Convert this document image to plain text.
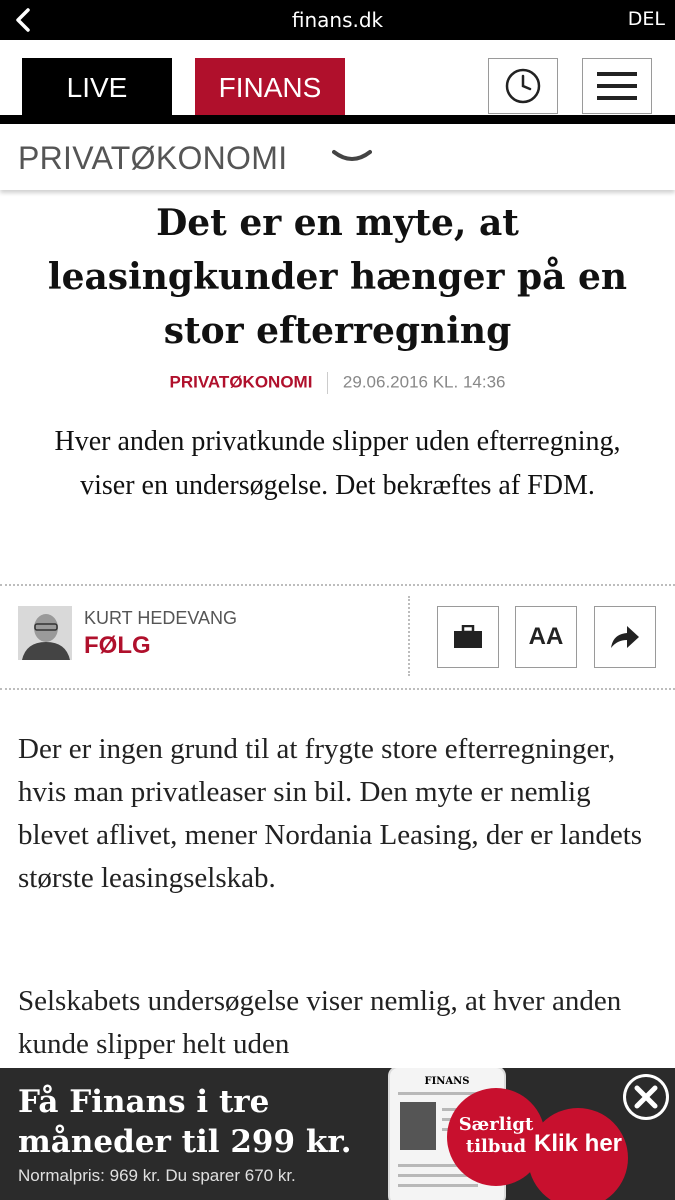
finans.dk	DEL
LIVE	FINANS
PRIVATØKONOMI
Det er en myte, at leasingkunder hænger på en stor efterregning
PRIVATØKONOMI 29.06.2016 KL. 14:36
Hver anden privatkunde slipper uden efterregning, viser en undersøgelse. Det bekræftes af FDM.
KURT HEDEVANG
FØLG	AA

Der er ingen grund til at frygte store efterregninger, hvis man privatleaser sin bil. Den myte er nemlig blevet aflivet, mener Nordania Leasing, der er landets største leasingselskab.

Selskabets undersøgelse viser nemlig, at hver anden kunde slipper helt uden

Få Finans i tre
måneder til 299 kr.
Normalpris: 969 kr. Du sparer 670 kr.
FINANS
Særligt tilbud Klik her
